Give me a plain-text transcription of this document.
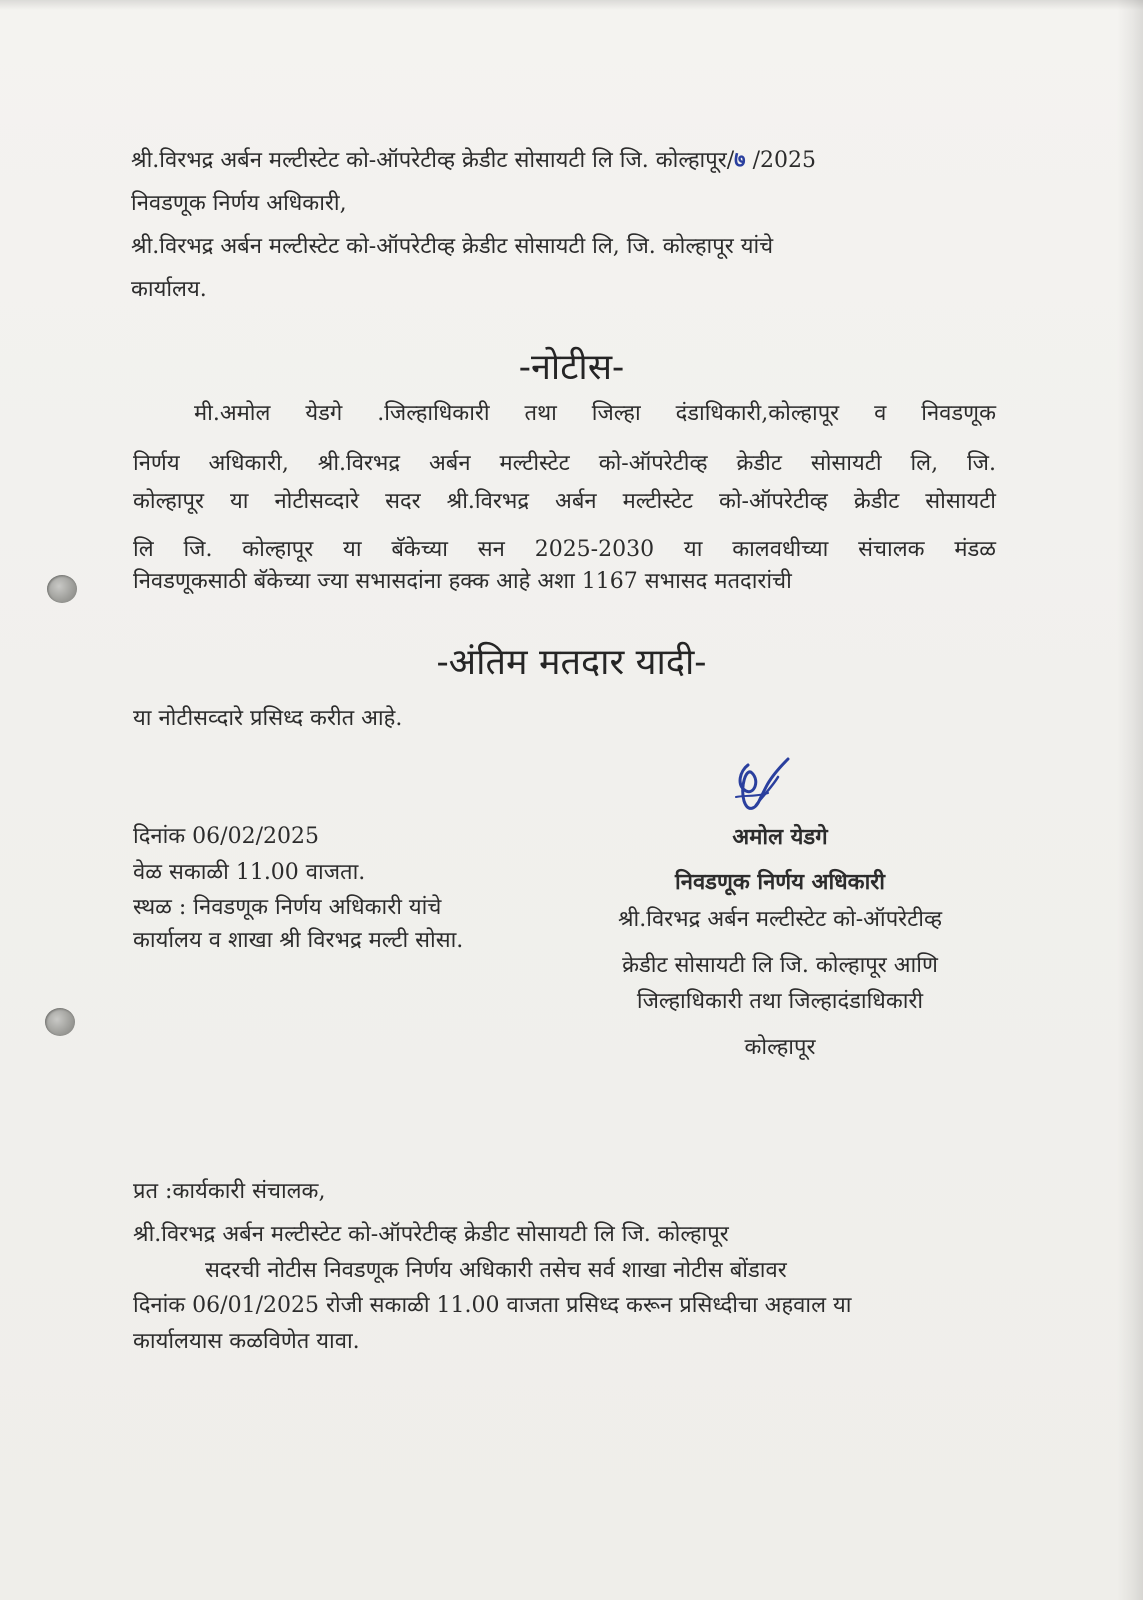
श्री.विरभद्र अर्बन मल्टीस्टेट को-ऑपरेटीव्ह क्रेडीट सोसायटी लि जि. कोल्हापूर/७ /2025
निवडणूक निर्णय अधिकारी,
श्री.विरभद्र अर्बन मल्टीस्टेट को-ऑपरेटीव्ह क्रेडीट सोसायटी लि, जि. कोल्हापूर यांचे
कार्यालय.
-नोटीस-
मी.अमोल येडगे .जिल्हाधिकारी तथा जिल्हा दंडाधिकारी,कोल्हापूर व निवडणूक
निर्णय अधिकारी, श्री.विरभद्र अर्बन मल्टीस्टेट को-ऑपरेटीव्ह क्रेडीट सोसायटी लि, जि.
कोल्हापूर या नोटीसव्दारे सदर श्री.विरभद्र अर्बन मल्टीस्टेट को-ऑपरेटीव्ह क्रेडीट सोसायटी
लि जि. कोल्हापूर या बॅकेच्या सन 2025-2030 या कालवधीच्या संचालक मंडळ
निवडणूकसाठी बॅकेच्या ज्या सभासदांना हक्क आहे अशा 1167 सभासद मतदारांची
-अंतिम मतदार यादी-
या नोटीसव्दारे प्रसिध्द करीत आहे.
दिनांक 06/02/2025
वेळ सकाळी 11.00 वाजता.
स्थळ : निवडणूक निर्णय अधिकारी यांचे
कार्यालय व शाखा श्री विरभद्र मल्टी सोसा.
अमोल येडगे
निवडणूक निर्णय अधिकारी
श्री.विरभद्र अर्बन मल्टीस्टेट को-ऑपरेटीव्ह
क्रेडीट सोसायटी लि जि. कोल्हापूर आणि
जिल्हाधिकारी तथा जिल्हादंडाधिकारी
कोल्हापूर
प्रत :कार्यकारी संचालक,
श्री.विरभद्र अर्बन मल्टीस्टेट को-ऑपरेटीव्ह क्रेडीट सोसायटी लि जि. कोल्हापूर
सदरची नोटीस निवडणूक निर्णय अधिकारी तसेच सर्व शाखा नोटीस बोंडावर
दिनांक 06/01/2025 रोजी सकाळी 11.00 वाजता प्रसिध्द करून प्रसिध्दीचा अहवाल या
कार्यालयास कळविणेत यावा.
